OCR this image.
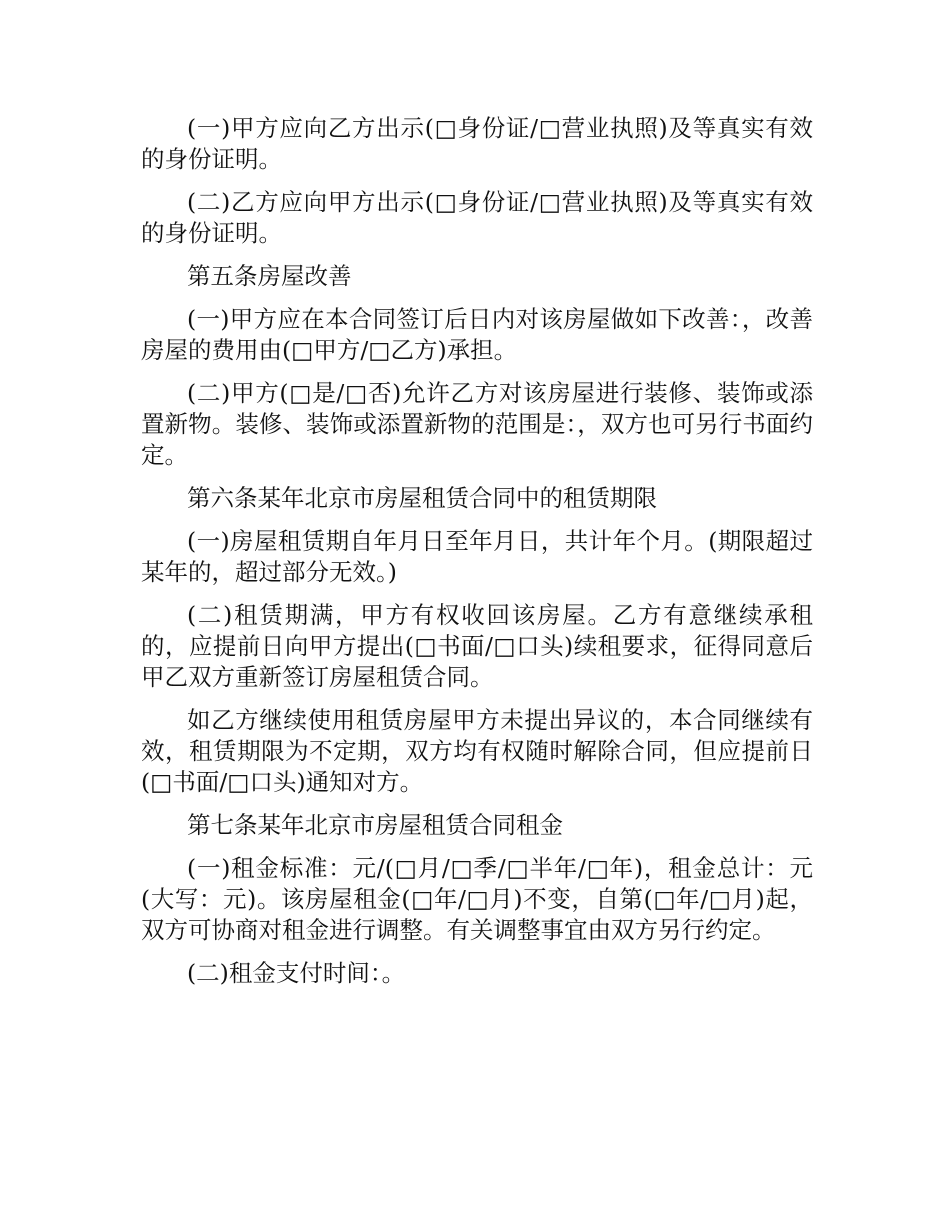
(一)甲方应向乙方出示(□身份证/□营业执照)及等真实有效的身份证明。

(二)乙方应向甲方出示(□身份证/□营业执照)及等真实有效的身份证明。

第五条房屋改善

(一)甲方应在本合同签订后日内对该房屋做如下改善：，改善房屋的费用由(□甲方/□乙方)承担。

(二)甲方(□是/□否)允许乙方对该房屋进行装修、装饰或添置新物。装修、装饰或添置新物的范围是：，双方也可另行书面约定。

第六条某年北京市房屋租赁合同中的租赁期限

(一)房屋租赁期自年月日至年月日，共计年个月。(期限超过某年的，超过部分无效。)

(二)租赁期满，甲方有权收回该房屋。乙方有意继续承租的，应提前日向甲方提出(□书面/□口头)续租要求，征得同意后甲乙双方重新签订房屋租赁合同。

如乙方继续使用租赁房屋甲方未提出异议的，本合同继续有效，租赁期限为不定期，双方均有权随时解除合同，但应提前日(□书面/□口头)通知对方。

第七条某年北京市房屋租赁合同租金

(一)租金标准：元/(□月/□季/□半年/□年)，租金总计：元(大写：元)。该房屋租金(□年/□月)不变，自第(□年/□月)起，双方可协商对租金进行调整。有关调整事宜由双方另行约定。

(二)租金支付时间：。
